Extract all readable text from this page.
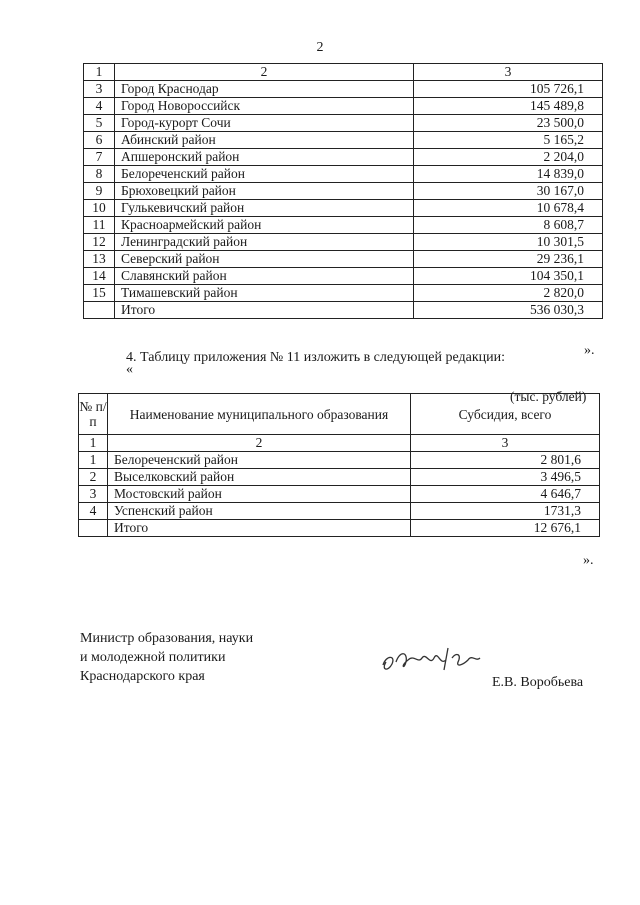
2
1	2	3
3	Город Краснодар	105 726,1
4	Город Новороссийск	145 489,8
5	Город-курорт Сочи	23 500,0
6	Абинский район	5 165,2
7	Апшеронский район	2 204,0
8	Белореченский район	14 839,0
9	Брюховецкий район	30 167,0
10	Гулькевичский район	10 678,4
11	Красноармейский район	8 608,7
12	Ленинградский район	10 301,5
13	Северский район	29 236,1
14	Славянский район	104 350,1
15	Тимашевский район	2 820,0
	Итого	536 030,3
».
4. Таблицу приложения № 11 изложить в следующей редакции:
«
(тыс. рублей)
№ п/п	Наименование муниципального образования	Субсидия, всего
1	2	3
1	Белореченский район	2 801,6
2	Выселковский район	3 496,5
3	Мостовский район	4 646,7
4	Успенский район	1731,3
	Итого	12 676,1
».
Министр образования, науки
и молодежной политики
Краснодарского края	Е.В. Воробьева
